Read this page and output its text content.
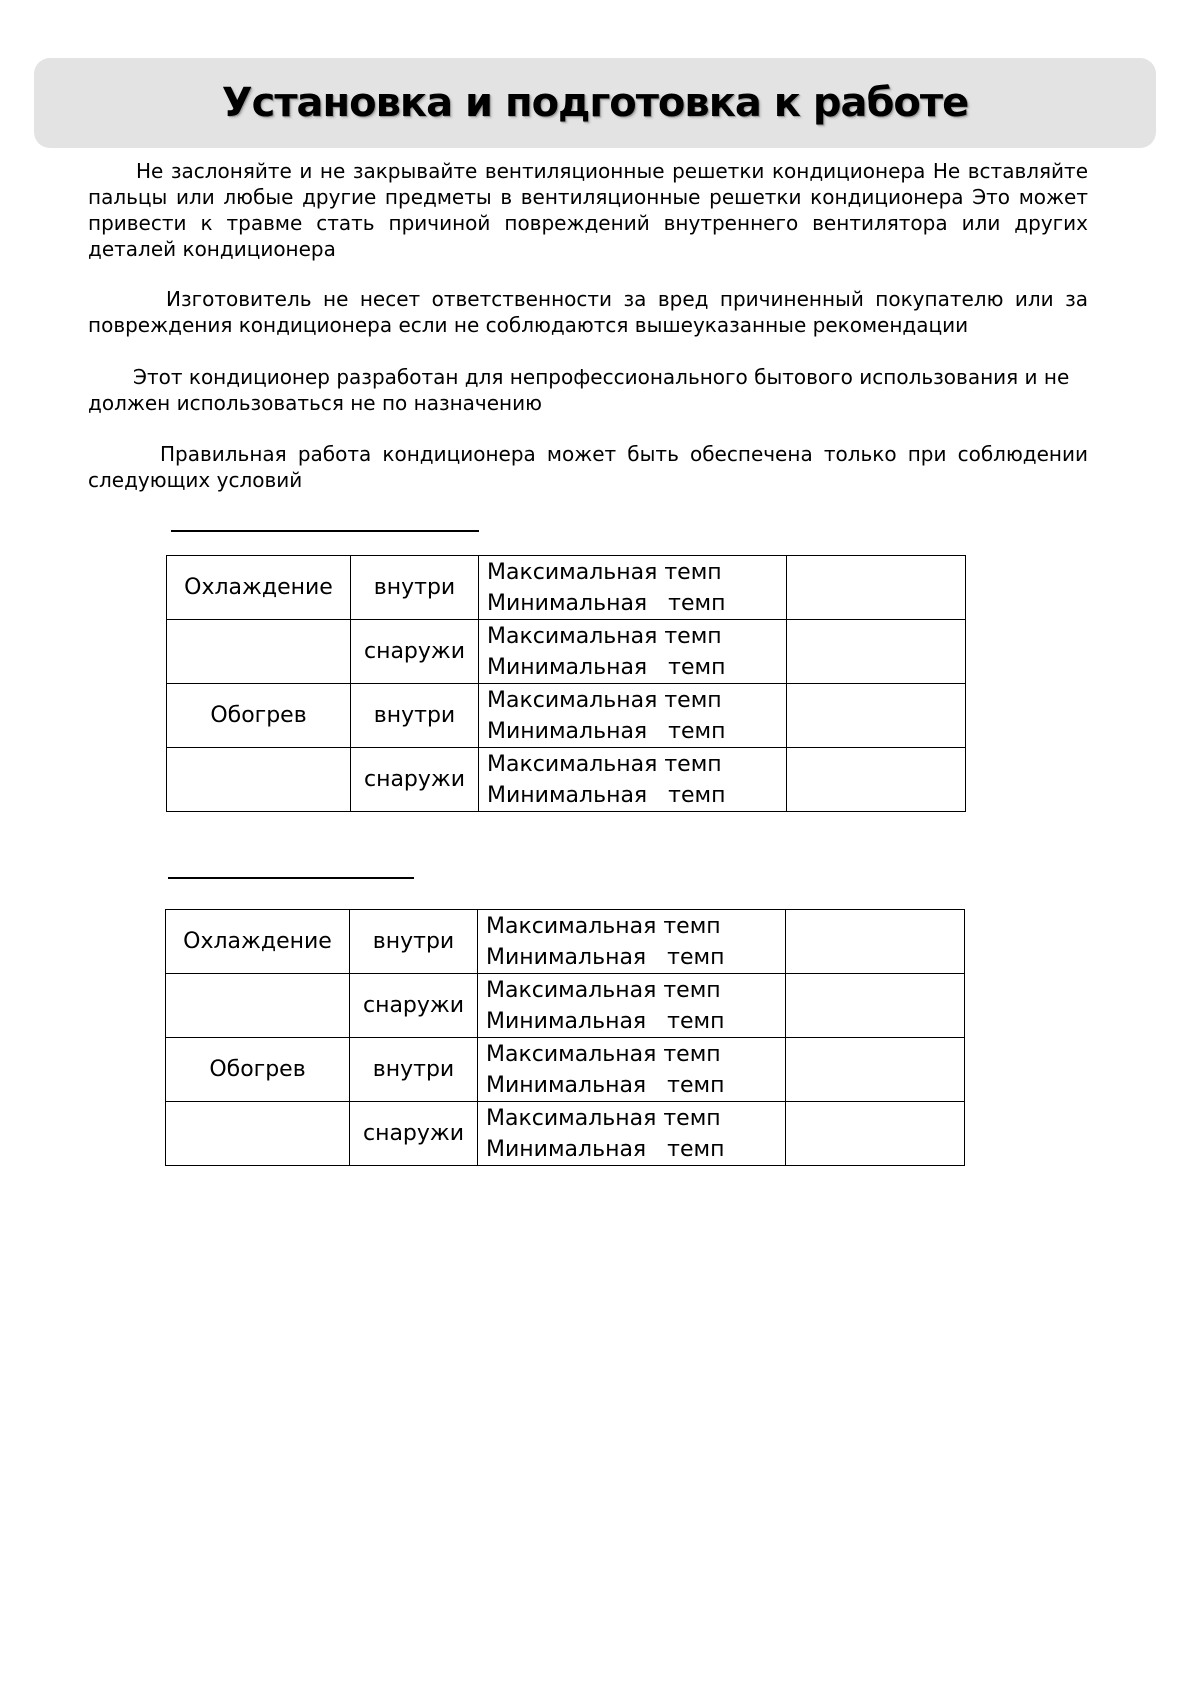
Установка и подготовка к работе

Не заслоняйте и не закрывайте вентиляционные решетки кондиционера Не вставляйте пальцы или любые другие предметы в вентиляционные решетки кондиционера Это может привести к травме стать причиной повреждений внутреннего вентилятора или других деталей кондиционера

Изготовитель не несет ответственности за вред причиненный покупателю или за повреждения кондиционера если не соблюдаются вышеуказанные рекомендации

Этот кондиционер разработан для непрофессионального бытового использования и не должен использоваться не по назначению

Правильная работа кондиционера может быть обеспечена только при соблюдении следующих условий

Охлаждение	внутри	Максимальная темп
Минимальная   темп	

	снаружи	Максимальная темп
Минимальная   темп	

Обогрев	внутри	Максимальная темп
Минимальная   темп	

	снаружи	Максимальная темп
Минимальная   темп	

Охлаждение	внутри	Максимальная темп
Минимальная   темп	

	снаружи	Максимальная темп
Минимальная   темп	

Обогрев	внутри	Максимальная темп
Минимальная   темп	

	снаружи	Максимальная темп
Минимальная   темп	
